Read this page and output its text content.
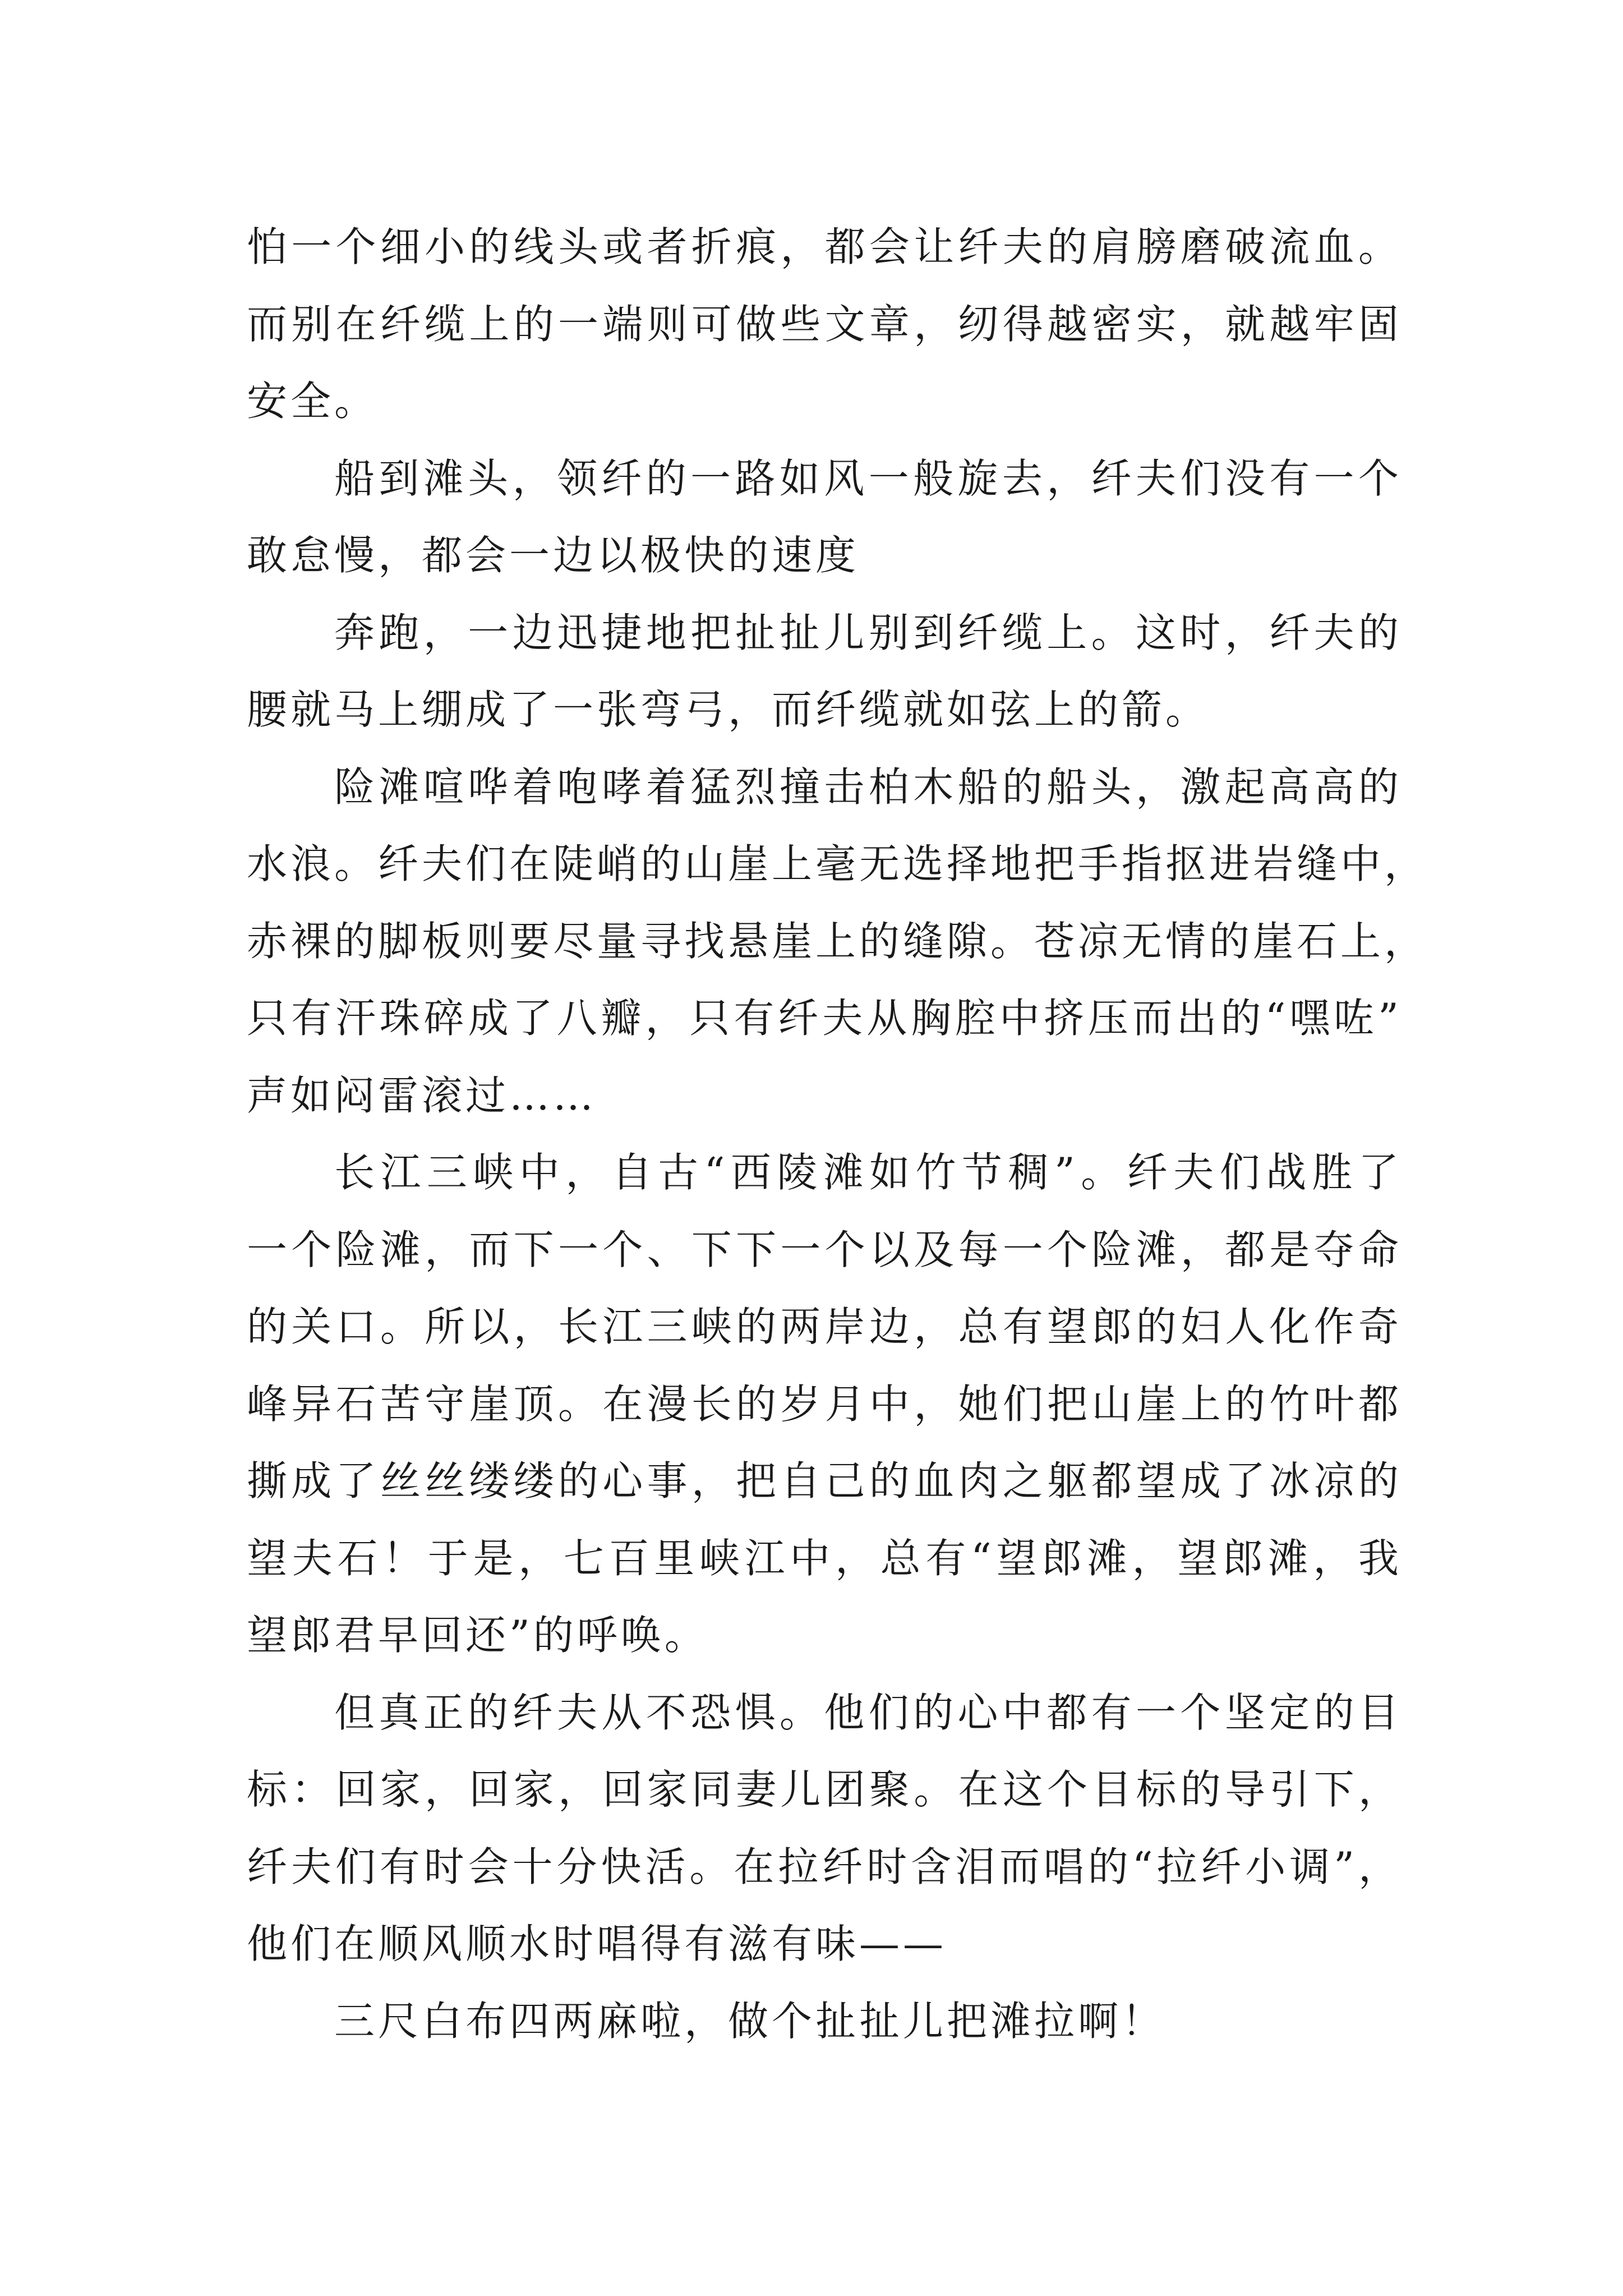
怕一个细小的线头或者折痕，都会让纤夫的肩膀磨破流血。
而别在纤缆上的一端则可做些文章，纫得越密实，就越牢固
安全。
船到滩头，领纤的一路如风一般旋去，纤夫们没有一个
敢怠慢，都会一边以极快的速度
奔跑，一边迅捷地把扯扯儿别到纤缆上。这时，纤夫的
腰就马上绷成了一张弯弓，而纤缆就如弦上的箭。
险滩喧哗着咆哮着猛烈撞击柏木船的船头，激起高高的
水浪。纤夫们在陡峭的山崖上毫无选择地把手指抠进岩缝中，
赤裸的脚板则要尽量寻找悬崖上的缝隙。苍凉无情的崖石上，
只有汗珠碎成了八瓣，只有纤夫从胸腔中挤压而出的“嘿咗”
声如闷雷滚过……
长江三峡中，自古“西陵滩如竹节稠”。纤夫们战胜了
一个险滩，而下一个、下下一个以及每一个险滩，都是夺命
的关口。所以，长江三峡的两岸边，总有望郎的妇人化作奇
峰异石苦守崖顶。在漫长的岁月中，她们把山崖上的竹叶都
撕成了丝丝缕缕的心事，把自己的血肉之躯都望成了冰凉的
望夫石！于是，七百里峡江中，总有“望郎滩，望郎滩，我
望郎君早回还”的呼唤。
但真正的纤夫从不恐惧。他们的心中都有一个坚定的目
标：回家，回家，回家同妻儿团聚。在这个目标的导引下，
纤夫们有时会十分快活。在拉纤时含泪而唱的“拉纤小调”，
他们在顺风顺水时唱得有滋有味——
三尺白布四两麻啦，做个扯扯儿把滩拉啊！
